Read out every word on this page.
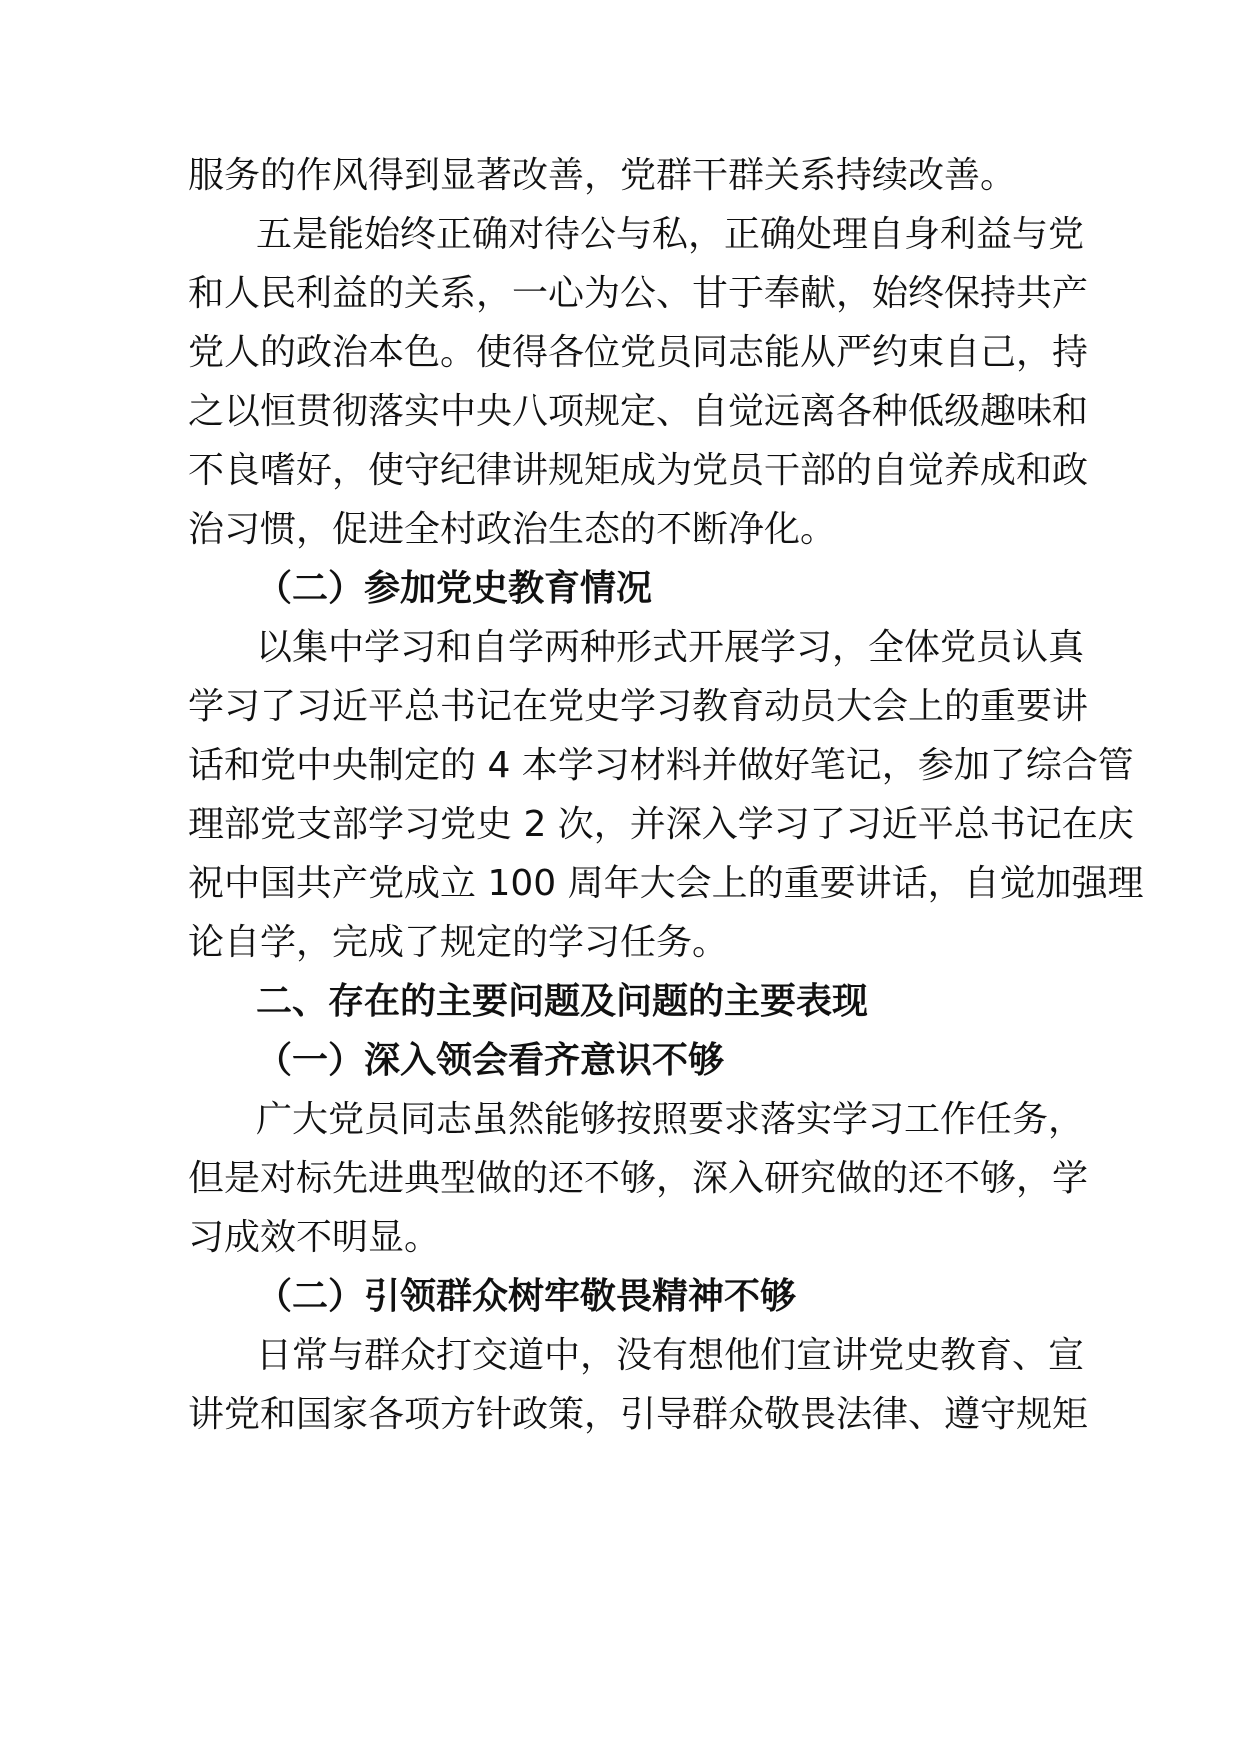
服务的作风得到显著改善，党群干群关系持续改善。
五是能始终正确对待公与私，正确处理自身利益与党
和人民利益的关系，一心为公、甘于奉献，始终保持共产
党人的政治本色。使得各位党员同志能从严约束自己，持
之以恒贯彻落实中央八项规定、自觉远离各种低级趣味和
不良嗜好，使守纪律讲规矩成为党员干部的自觉养成和政
治习惯，促进全村政治生态的不断净化。
（二）参加党史教育情况
以集中学习和自学两种形式开展学习，全体党员认真
学习了习近平总书记在党史学习教育动员大会上的重要讲
话和党中央制定的 4 本学习材料并做好笔记，参加了综合管
理部党支部学习党史 2 次，并深入学习了习近平总书记在庆
祝中国共产党成立 100 周年大会上的重要讲话，自觉加强理
论自学，完成了规定的学习任务。
二、存在的主要问题及问题的主要表现
（一）深入领会看齐意识不够
广大党员同志虽然能够按照要求落实学习工作任务，
但是对标先进典型做的还不够，深入研究做的还不够，学
习成效不明显。
（二）引领群众树牢敬畏精神不够
日常与群众打交道中，没有想他们宣讲党史教育、宣
讲党和国家各项方针政策，引导群众敬畏法律、遵守规矩
